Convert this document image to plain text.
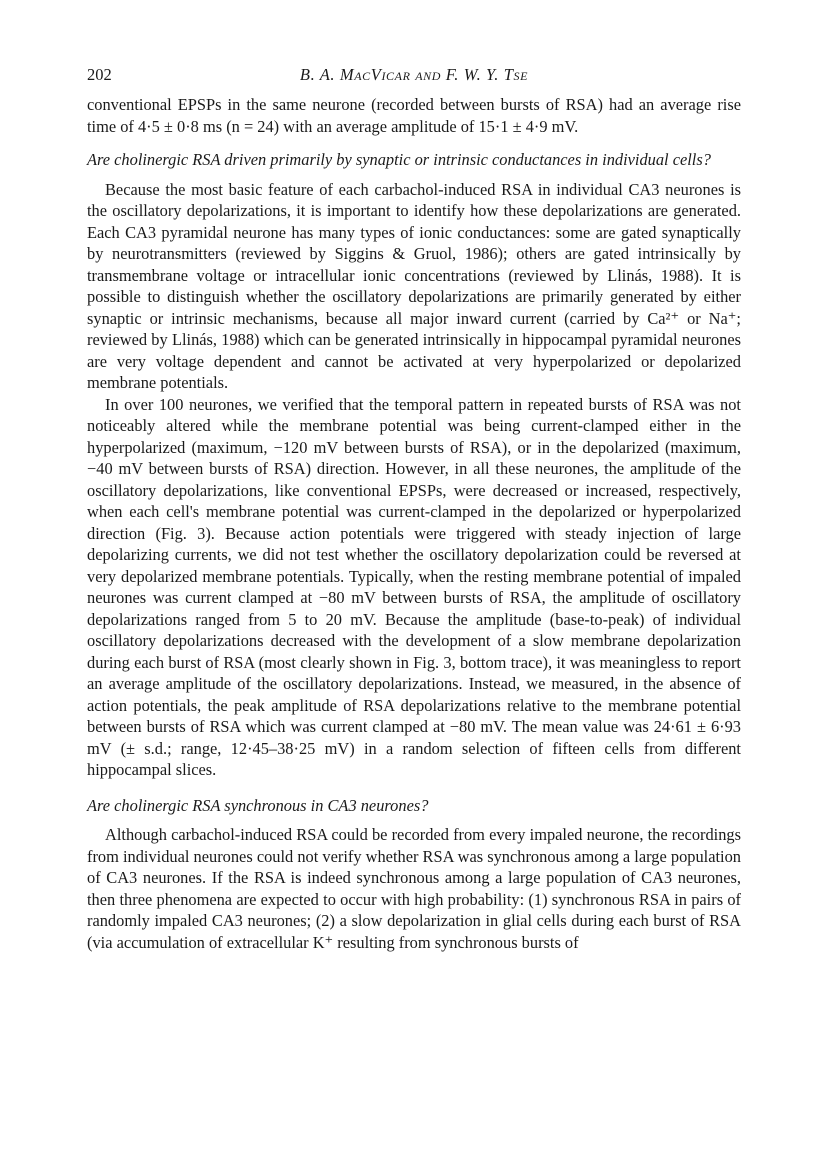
202	B. A. MacVicar and F. W. Y. Tse

conventional EPSPs in the same neurone (recorded between bursts of RSA) had an average rise time of 4·5 ± 0·8 ms (n = 24) with an average amplitude of 15·1 ± 4·9 mV.

Are cholinergic RSA driven primarily by synaptic or intrinsic conductances in individual cells?

Because the most basic feature of each carbachol-induced RSA in individual CA3 neurones is the oscillatory depolarizations, it is important to identify how these depolarizations are generated. Each CA3 pyramidal neurone has many types of ionic conductances: some are gated synaptically by neurotransmitters (reviewed by Siggins & Gruol, 1986); others are gated intrinsically by transmembrane voltage or intracellular ionic concentrations (reviewed by Llinás, 1988). It is possible to distinguish whether the oscillatory depolarizations are primarily generated by either synaptic or intrinsic mechanisms, because all major inward current (carried by Ca²⁺ or Na⁺; reviewed by Llinás, 1988) which can be generated intrinsically in hippocampal pyramidal neurones are very voltage dependent and cannot be activated at very hyperpolarized or depolarized membrane potentials.

In over 100 neurones, we verified that the temporal pattern in repeated bursts of RSA was not noticeably altered while the membrane potential was being current-clamped either in the hyperpolarized (maximum, −120 mV between bursts of RSA), or in the depolarized (maximum, −40 mV between bursts of RSA) direction. However, in all these neurones, the amplitude of the oscillatory depolarizations, like conventional EPSPs, were decreased or increased, respectively, when each cell's membrane potential was current-clamped in the depolarized or hyperpolarized direction (Fig. 3). Because action potentials were triggered with steady injection of large depolarizing currents, we did not test whether the oscillatory depolarization could be reversed at very depolarized membrane potentials. Typically, when the resting membrane potential of impaled neurones was current clamped at −80 mV between bursts of RSA, the amplitude of oscillatory depolarizations ranged from 5 to 20 mV. Because the amplitude (base-to-peak) of individual oscillatory depolarizations decreased with the development of a slow membrane depolarization during each burst of RSA (most clearly shown in Fig. 3, bottom trace), it was meaningless to report an average amplitude of the oscillatory depolarizations. Instead, we measured, in the absence of action potentials, the peak amplitude of RSA depolarizations relative to the membrane potential between bursts of RSA which was current clamped at −80 mV. The mean value was 24·61 ± 6·93 mV (± s.d.; range, 12·45–38·25 mV) in a random selection of fifteen cells from different hippocampal slices.

Are cholinergic RSA synchronous in CA3 neurones?

Although carbachol-induced RSA could be recorded from every impaled neurone, the recordings from individual neurones could not verify whether RSA was synchronous among a large population of CA3 neurones. If the RSA is indeed synchronous among a large population of CA3 neurones, then three phenomena are expected to occur with high probability: (1) synchronous RSA in pairs of randomly impaled CA3 neurones; (2) a slow depolarization in glial cells during each burst of RSA (via accumulation of extracellular K⁺ resulting from synchronous bursts of
